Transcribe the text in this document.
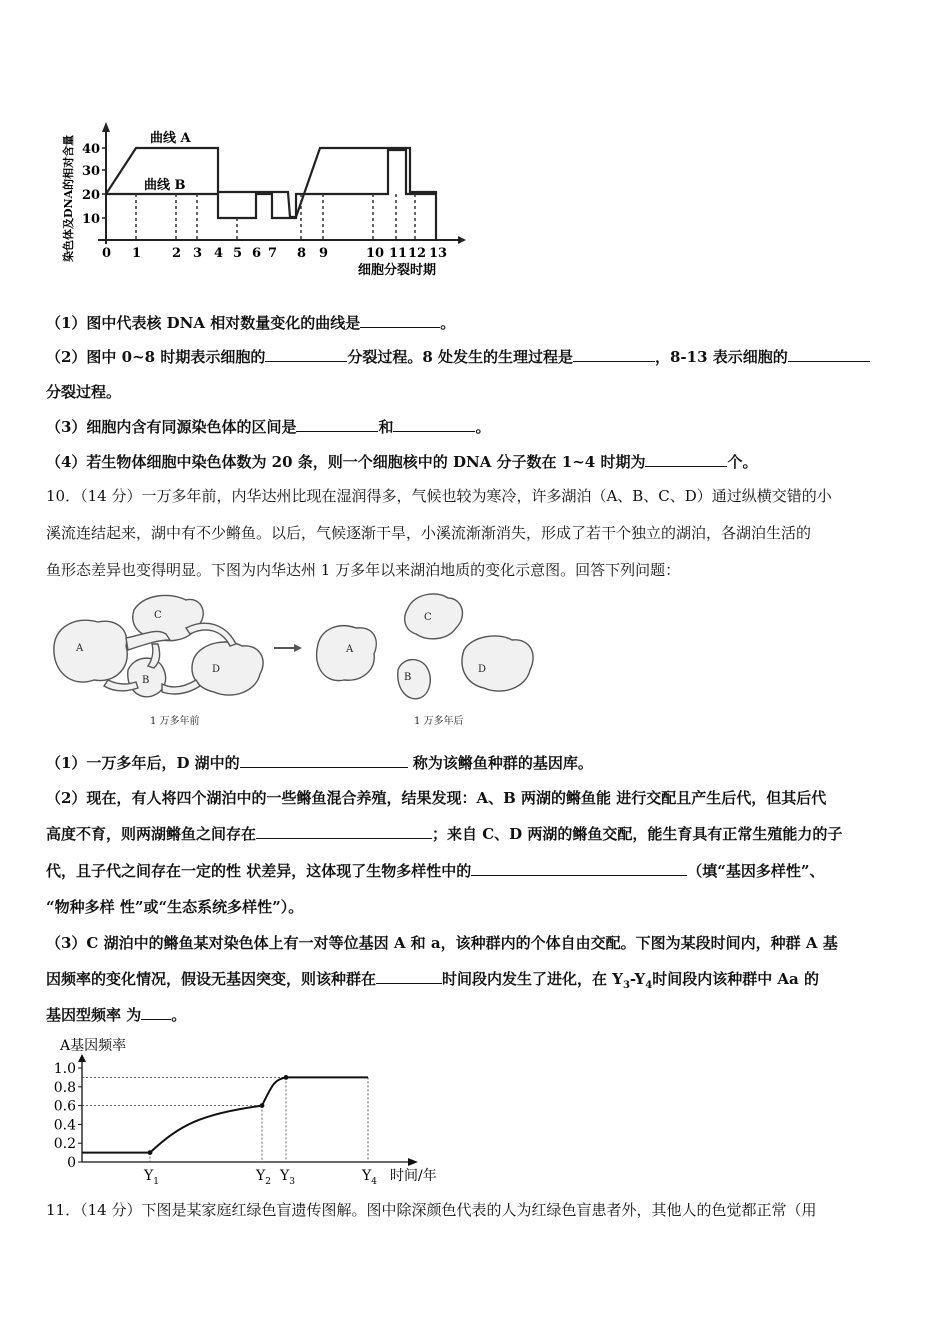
染色体及DNA的相对含量 10
20
30
40
0 1 2 3 4 5 6 7 8 9	10 11 12 13
曲线 A
曲线 B
细胞分裂时期
（1）图中代表核 DNA 相对数量变化的曲线是	。
（2）图中 0~8 时期表示细胞的	分裂过程。8 处发生的生理过程是	，8-13 表示细胞的
分裂过程。
（3）细胞内含有同源染色体的区间是	和	。
（4）若生物体细胞中染色体数为 20 条，则一个细胞核中的 DNA 分子数在 1~4 时期为	个。
10．（14 分）一万多年前，内华达州比现在湿润得多，气候也较为寒冷，许多湖泊（A、B、C、D）通过纵横交错的小
溪流连结起来，湖中有不少鳉鱼。以后，气候逐渐干旱，小溪流渐渐消失，形成了若干个独立的湖泊，各湖泊生活的
鱼形态差异也变得明显。下图为内华达州 1 万多年以来湖泊地质的变化示意图。回答下列问题：
A
C
B
D
A
C
B
D
1 万多年前	1 万多年后
（1）一万多年后，D 湖中的	称为该鳉鱼种群的基因库。
（2）现在，有人将四个湖泊中的一些鳉鱼混合养殖，结果发现：A、B 两湖的鳉鱼能 进行交配且产生后代，但其后代
高度不育，则两湖鳉鱼之间存在	；来自 C、D 两湖的鳉鱼交配，能生育具有正常生殖能力的子
代，且子代之间存在一定的性 状差异，这体现了生物多样性中的	（填“基因多样性”、
“物种多样 性”或“生态系统多样性”）。
（3）C 湖泊中的鳉鱼某对染色体上有一对等位基因 A 和 a，该种群内的个体自由交配。下图为某段时间内，种群 A 基
因频率的变化情况，假设无基因突变，则该种群在	时间段内发生了进化，在 $Y_3-Y_4$时间段内该种群中 Aa 的
基因型频率 为 。
A基因频率
0
0.2
0.4
0.6
0.8
1.0
$Y_1$	$Y_2$ $Y_3$	$Y_4$ 时间/年
11．（14 分）下图是某家庭红绿色盲遗传图解。图中除深颜色代表的人为红绿色盲患者外，其他人的色觉都正常（用
